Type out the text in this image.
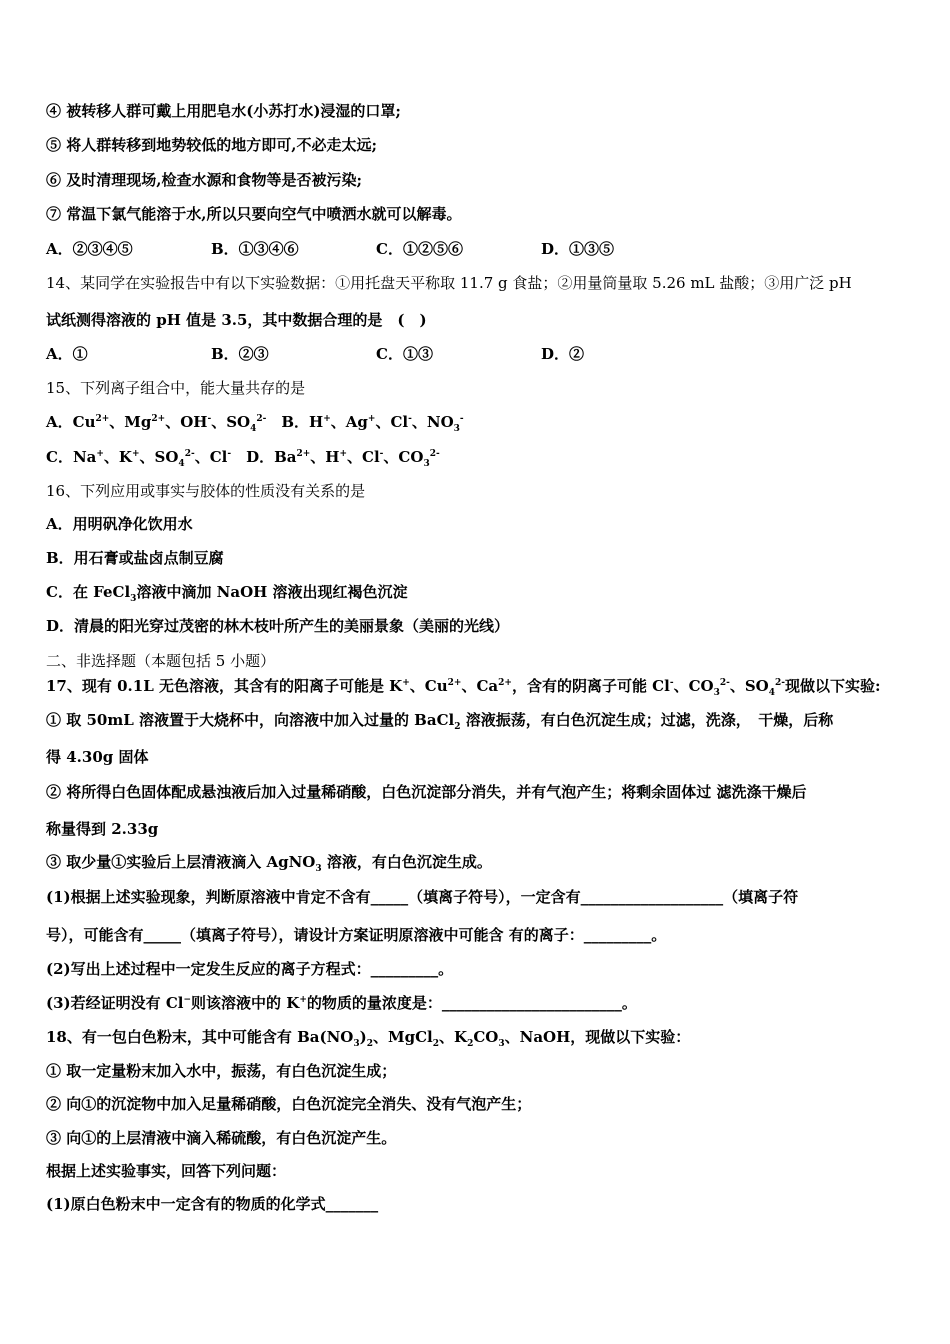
④ 被转移人群可戴上用肥皂水(小苏打水)浸湿的口罩;
⑤ 将人群转移到地势较低的地方即可,不必走太远;
⑥ 及时清理现场,检查水源和食物等是否被污染;
⑦ 常温下氯气能溶于水,所以只要向空气中喷洒水就可以解毒。
A．②③④⑤	B．①③④⑥	C．①②⑤⑥	D．①③⑤
14、某同学在实验报告中有以下实验数据：①用托盘天平称取 11.7 g 食盐；②用量筒量取 5.26 mL 盐酸；③用广泛 pH
试纸测得溶液的 pH 值是 3.5，其中数据合理的是　(　)
A．①	B．②③	C．①③	D．②
15、下列离子组合中，能大量共存的是
A．$Cu^{2+}$、$Mg^{2+}$、OH-、$SO_4^{2-}$　B．H+、Ag+、Cl-、$NO_3^-$
C．Na+、K+、$SO_4^{2-}$、Cl-　D．$Ba^{2+}$、H+、Cl-、$CO_3^{2-}$
16、下列应用或事实与胶体的性质没有关系的是
A．用明矾净化饮用水
B．用石膏或盐卤点制豆腐
C．在 FeCl$_3$溶液中滴加 NaOH 溶液出现红褐色沉淀
D．清晨的阳光穿过茂密的林木枝叶所产生的美丽景象（美丽的光线）
二、非选择题（本题包括 5 小题）
17、现有 0.1L 无色溶液，其含有的阳离子可能是 K+、$Cu^{2+}$、$Ca^{2+}$，含有的阴离子可能 Cl-、$CO_3^{2-}$、$SO_4^{2-}$现做以下实验:
① 取 50mL 溶液置于大烧杯中，向溶液中加入过量的 BaCl$_2$ 溶液振荡，有白色沉淀生成；过滤，洗涤，　干燥，后称
得 4.30g 固体
② 将所得白色固体配成悬浊液后加入过量稀硝酸，白色沉淀部分消失，并有气泡产生；将剩余固体过 滤洗涤干燥后
称量得到 2.33g
③ 取少量①实验后上层清液滴入 AgNO$_3$ 溶液，有白色沉淀生成。
(1)根据上述实验现象，判断原溶液中肯定不含有_____（填离子符号），一定含有___________________（填离子符
号），可能含有_____（填离子符号），请设计方案证明原溶液中可能含 有的离子：_________。
(2)写出上述过程中一定发生反应的离子方程式：_________。
(3)若经证明没有 Cl−则该溶液中的 K+的物质的量浓度是：________________________。
18、有一包白色粉末，其中可能含有 $Ba(NO_3)_2$、MgCl$_2$、$K_2CO_3$、NaOH，现做以下实验：
① 取一定量粉末加入水中，振荡，有白色沉淀生成；
② 向①的沉淀物中加入足量稀硝酸，白色沉淀完全消失、没有气泡产生；
③ 向①的上层清液中滴入稀硫酸，有白色沉淀产生。
根据上述实验事实，回答下列问题：
(1)原白色粉末中一定含有的物质的化学式_______
